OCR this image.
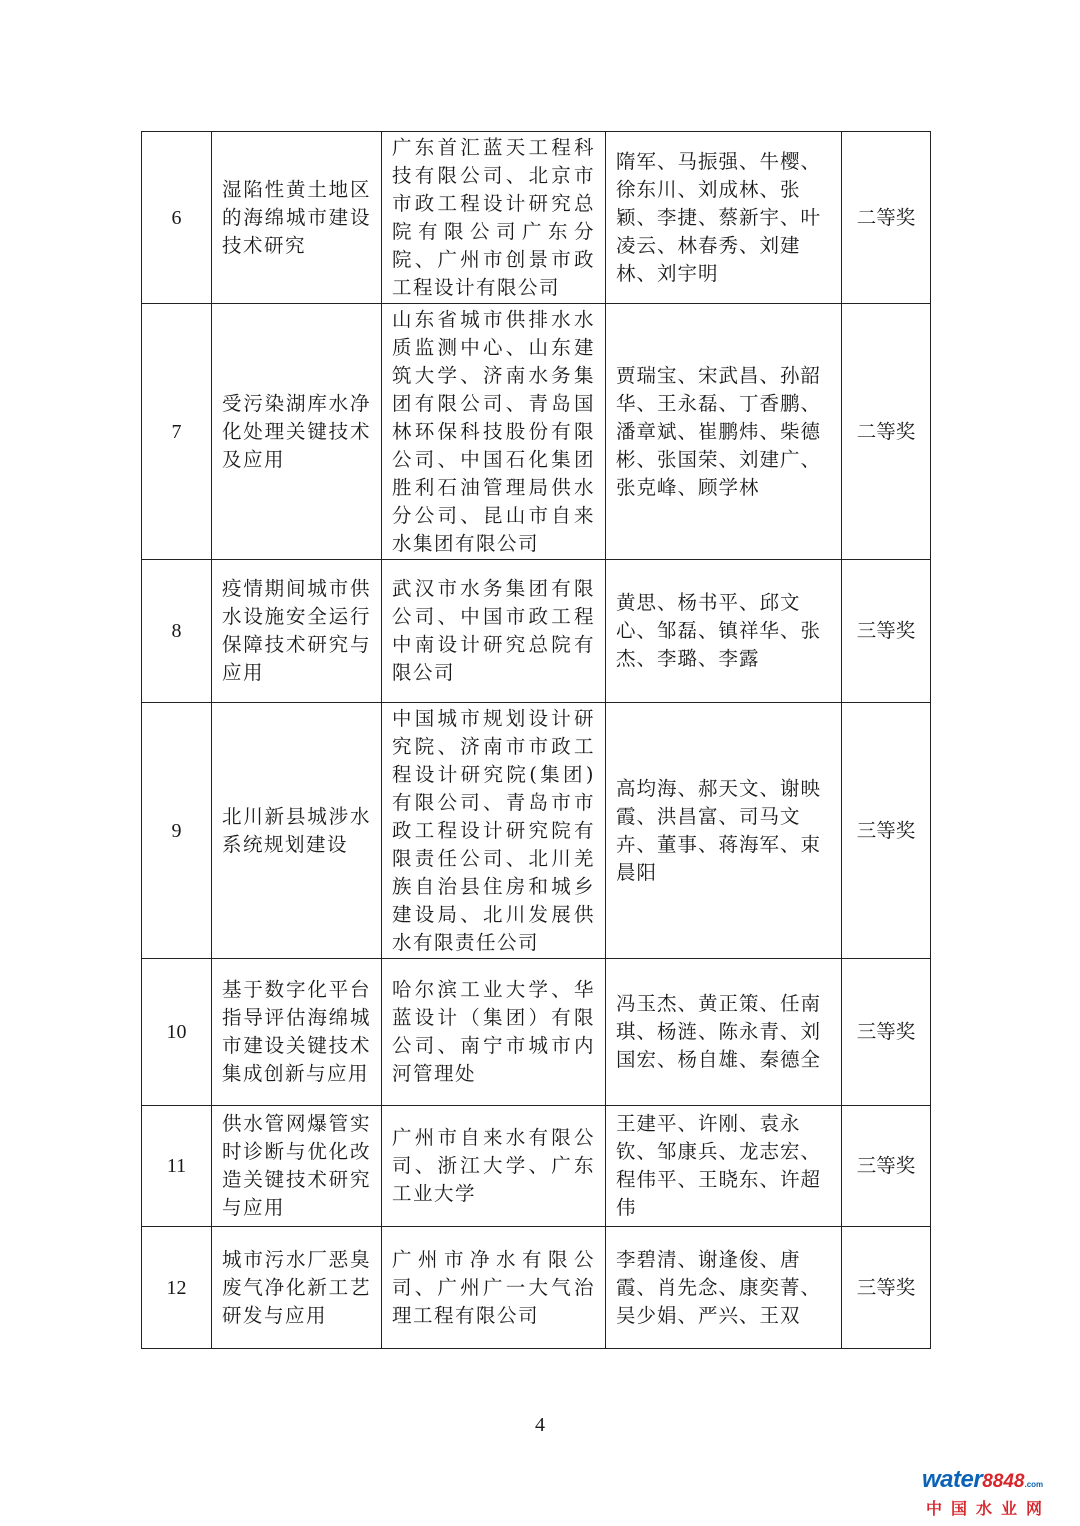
6	湿陷性黄土地区的海绵城市建设技术研究	广东首汇蓝天工程科技有限公司、北京市市政工程设计研究总院有限公司广东分院、广州市创景市政工程设计有限公司	隋军、马振强、牛樱、徐东川、刘成林、张颖、李捷、蔡新宇、叶凌云、林春秀、刘建林、刘宇明	二等奖
7	受污染湖库水净化处理关键技术及应用	山东省城市供排水水质监测中心、山东建筑大学、济南水务集团有限公司、青岛国林环保科技股份有限公司、中国石化集团胜利石油管理局供水分公司、昆山市自来水集团有限公司	贾瑞宝、宋武昌、孙韶华、王永磊、丁香鹏、潘章斌、崔鹏炜、柴德彬、张国荣、刘建广、张克峰、顾学林	二等奖
8	疫情期间城市供水设施安全运行保障技术研究与应用	武汉市水务集团有限公司、中国市政工程中南设计研究总院有限公司	黄思、杨书平、邱文心、邹磊、镇祥华、张杰、李璐、李露	三等奖
9	北川新县城涉水系统规划建设	中国城市规划设计研究院、济南市市政工程设计研究院(集团)有限公司、青岛市市政工程设计研究院有限责任公司、北川羌族自治县住房和城乡建设局、北川发展供水有限责任公司	高均海、郝天文、谢映霞、洪昌富、司马文卉、董事、蒋海军、束晨阳	三等奖
10	基于数字化平台指导评估海绵城市建设关键技术集成创新与应用	哈尔滨工业大学、华蓝设计（集团）有限公司、南宁市城市内河管理处	冯玉杰、黄正策、任南琪、杨涟、陈永青、刘国宏、杨自雄、秦德全	三等奖
11	供水管网爆管实时诊断与优化改造关键技术研究与应用	广州市自来水有限公司、浙江大学、广东工业大学	王建平、许刚、袁永钦、邹康兵、龙志宏、程伟平、王晓东、许超伟	三等奖
12	城市污水厂恶臭废气净化新工艺研发与应用	广州市净水有限公司、广州广一大气治理工程有限公司	李碧清、谢逢俊、唐霞、肖先念、康奕菁、吴少娟、严兴、王双	三等奖
4
water8848.com
中国水业网
